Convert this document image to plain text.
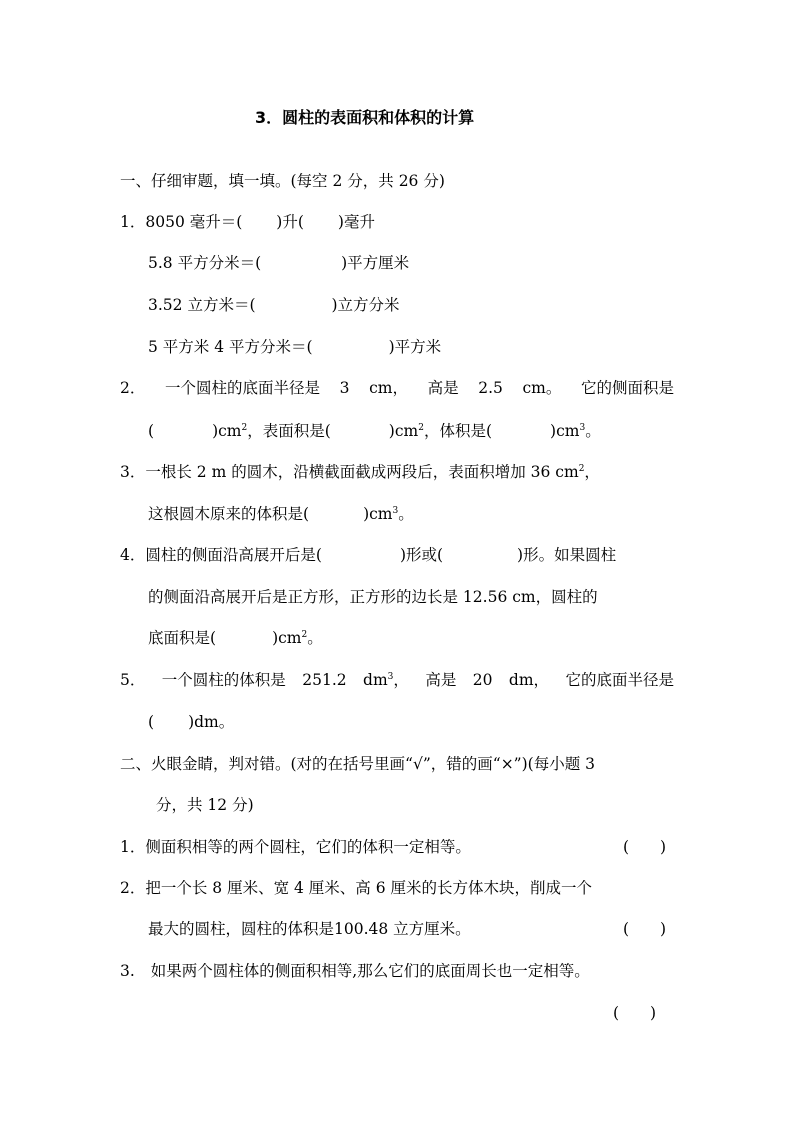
3．圆柱的表面积和体积的计算
一、仔细审题，填一填。(每空 2 分，共 26 分)
1．8050 毫升＝( )升( )毫升
5.8 平方分米＝(	)平方厘米
3.52 立方米＝(	)立方分米
5 平方米 4 平方分米＝(	)平方米
2． 一个圆柱的底面半径是 3 cm， 高是 2.5 cm。 它的侧面积是
(	)$cm^2$，表面积是(	)$cm^2$，体积是(	)$cm^3$。
3．一根长 2 m 的圆木，沿横截面截成两段后，表面积增加 36 $cm^2$，
这根圆木原来的体积是(	)$cm^3$。
4．圆柱的侧面沿高展开后是(	)形或(	)形。如果圆柱
的侧面沿高展开后是正方形，正方形的边长是 12.56 cm，圆柱的
底面积是(	)$cm^2$。
5． 一个圆柱的体积是 251.2 $dm^3$， 高是 20 dm， 它的底面半径是
( )dm。
二、火眼金睛，判对错。(对的在括号里画“√”，错的画“×”)(每小题 3
分，共 12 分)
1．侧面积相等的两个圆柱，它们的体积一定相等。	(　　)
2．把一个长 8 厘米、宽 4 厘米、高 6 厘米的长方体木块，削成一个
最大的圆柱，圆柱的体积是100.48 立方厘米。	(　　)
3. 如果两个圆柱体的侧面积相等,那么它们的底面周长也一定相等。
(　　)
